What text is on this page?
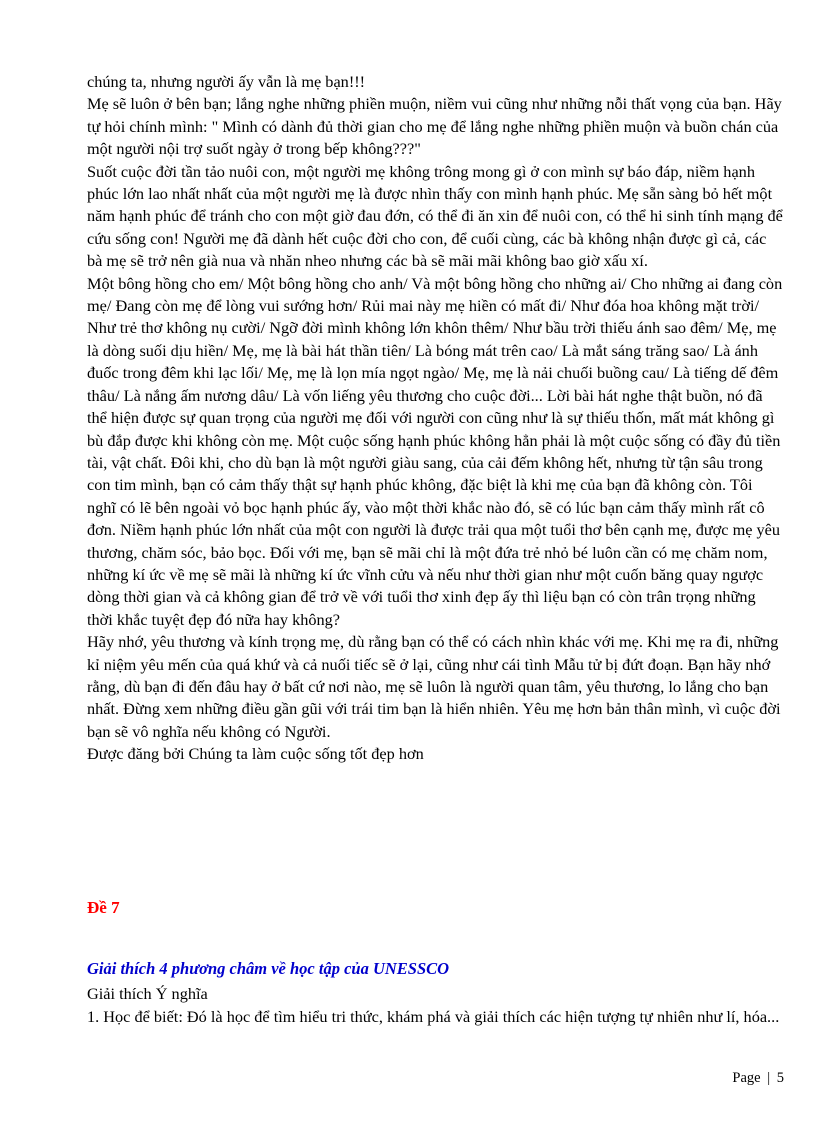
chúng ta, nhưng người ấy vẫn là mẹ bạn!!!

Mẹ sẽ luôn ở bên bạn; lắng nghe những phiền muộn, niềm vui cũng như những nỗi thất vọng của bạn. Hãy tự hỏi chính mình: " Mình có dành đủ thời gian cho mẹ để lắng nghe những phiền muộn và buồn chán của một người nội trợ suốt ngày ở trong bếp không???"

Suốt cuộc đời tần tảo nuôi con, một người mẹ không trông mong gì ở con mình sự báo đáp, niềm hạnh phúc lớn lao nhất nhất của một người mẹ là được nhìn thấy con mình hạnh phúc. Mẹ sẵn sàng bỏ hết một năm hạnh phúc để tránh cho con một giờ đau đớn, có thể đi ăn xin để nuôi con, có thể hi sinh tính mạng để cứu sống con! Người mẹ đã dành hết cuộc đời cho con, để cuối cùng, các bà không nhận được gì cả, các bà mẹ sẽ trở nên già nua và nhăn nheo nhưng các bà sẽ mãi mãi không bao giờ xấu xí.

Một bông hồng cho em/ Một bông hồng cho anh/ Và một bông hồng cho những ai/ Cho những ai đang còn mẹ/ Đang còn mẹ để lòng vui sướng hơn/ Rủi mai này mẹ hiền có mất đi/ Như đóa hoa không mặt trời/ Như trẻ thơ không nụ cười/ Ngỡ đời mình không lớn khôn thêm/ Như bầu trời thiếu ánh sao đêm/ Mẹ, mẹ là dòng suối dịu hiền/ Mẹ, mẹ là bài hát thần tiên/ Là bóng mát trên cao/ Là mắt sáng trăng sao/ Là ánh đuốc trong đêm khi lạc lối/ Mẹ, mẹ là lọn mía ngọt ngào/ Mẹ, mẹ là nải chuối buồng cau/ Là tiếng dế đêm thâu/ Là nắng ấm nương dâu/ Là vốn liếng yêu thương cho cuộc đời... Lời bài hát nghe thật buồn, nó đã thể hiện được sự quan trọng của người mẹ đối với người con cũng như là sự thiếu thốn, mất mát không gì bù đắp được khi không còn mẹ. Một cuộc sống hạnh phúc không hẳn phải là một cuộc sống có đầy đủ tiền tài, vật chất. Đôi khi, cho dù bạn là một người giàu sang, của cải đếm không hết, nhưng từ tận sâu trong con tim mình, bạn có cảm thấy thật sự hạnh phúc không, đặc biệt là khi mẹ của bạn đã không còn. Tôi nghĩ có lẽ bên ngoài vỏ bọc hạnh phúc ấy, vào một thời khắc nào đó, sẽ có lúc bạn cảm thấy mình rất cô đơn. Niềm hạnh phúc lớn nhất của một con người là được trải qua một tuổi thơ bên cạnh mẹ, được mẹ yêu thương, chăm sóc, bảo bọc. Đối với mẹ, bạn sẽ mãi chỉ là một đứa trẻ nhỏ bé luôn cần có mẹ chăm nom, những kí ức về mẹ sẽ mãi là những kí ức vĩnh cửu và nếu như thời gian như một cuốn băng quay ngược dòng thời gian và cả không gian để trở về với tuổi thơ xinh đẹp ấy thì liệu bạn có còn trân trọng những thời khắc tuyệt đẹp đó nữa hay không?

Hãy nhớ, yêu thương và kính trọng mẹ, dù rằng bạn có thể có cách nhìn khác với mẹ. Khi mẹ ra đi, những kỉ niệm yêu mến của quá khứ và cả nuối tiếc sẽ ở lại, cũng như cái tình Mẫu tử bị đứt đoạn. Bạn hãy nhớ rằng, dù bạn đi đến đâu hay ở bất cứ nơi nào, mẹ sẽ luôn là người quan tâm, yêu thương, lo lắng cho bạn nhất. Đừng xem những điều gần gũi với trái tim bạn là hiển nhiên. Yêu mẹ hơn bản thân mình, vì cuộc đời bạn sẽ vô nghĩa nếu không có Người.

Được đăng bởi Chúng ta làm cuộc sống tốt đẹp hơn

Đề 7
Giải thích 4 phương châm về học tập của UNESSCO

Giải thích Ý nghĩa

1. Học để biết: Đó là học để tìm hiểu tri thức, khám phá và giải thích các hiện tượng tự nhiên như lí, hóa...

Page | 5
